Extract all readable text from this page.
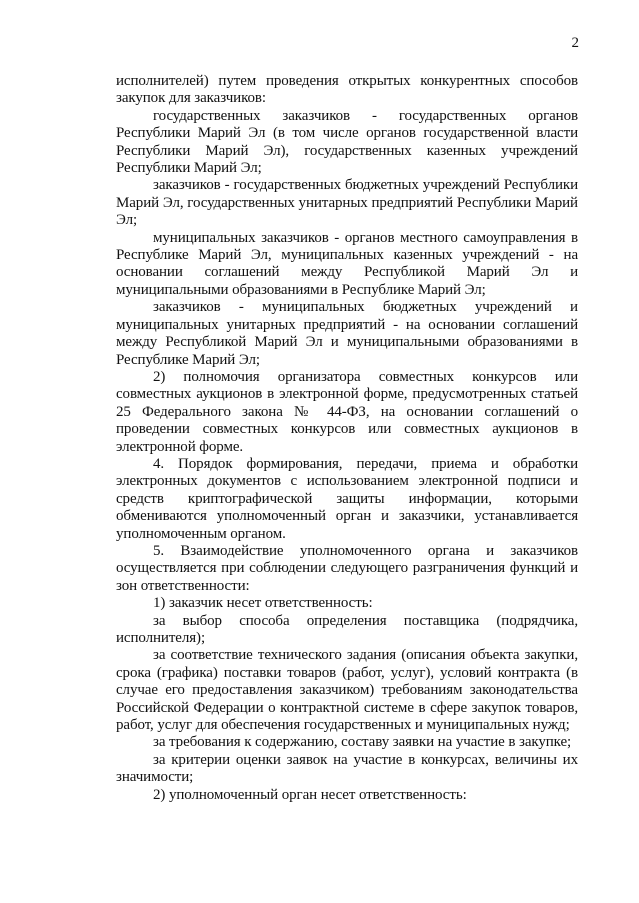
2

исполнителей) путем проведения открытых конкурентных способов закупок для заказчиков:

государственных заказчиков - государственных органов Республики Марий Эл (в том числе органов государственной власти Республики Марий Эл), государственных казенных учреждений Республики Марий Эл;

заказчиков - государственных бюджетных учреждений Республики Марий Эл, государственных унитарных предприятий Республики Марий Эл;

муниципальных заказчиков - органов местного самоуправления в Республике Марий Эл, муниципальных казенных учреждений - на основании соглашений между Республикой Марий Эл и муниципальными образованиями в Республике Марий Эл;

заказчиков - муниципальных бюджетных учреждений и муниципальных унитарных предприятий - на основании соглашений между Республикой Марий Эл и муниципальными образованиями в Республике Марий Эл;

2) полномочия организатора совместных конкурсов или совместных аукционов в электронной форме, предусмотренных статьей 25 Федерального закона № 44-ФЗ, на основании соглашений о проведении совместных конкурсов или совместных аукционов в электронной форме.

4. Порядок формирования, передачи, приема и обработки электронных документов с использованием электронной подписи и средств криптографической защиты информации, которыми обмениваются уполномоченный орган и заказчики, устанавливается уполномоченным органом.

5. Взаимодействие уполномоченного органа и заказчиков осуществляется при соблюдении следующего разграничения функций и зон ответственности:

1) заказчик несет ответственность:

за выбор способа определения поставщика (подрядчика, исполнителя);

за соответствие технического задания (описания объекта закупки, срока (графика) поставки товаров (работ, услуг), условий контракта (в случае его предоставления заказчиком) требованиям законодательства Российской Федерации о контрактной системе в сфере закупок товаров, работ, услуг для обеспечения государственных и муниципальных нужд;

за требования к содержанию, составу заявки на участие в закупке;

за критерии оценки заявок на участие в конкурсах, величины их значимости;

2) уполномоченный орган несет ответственность:
